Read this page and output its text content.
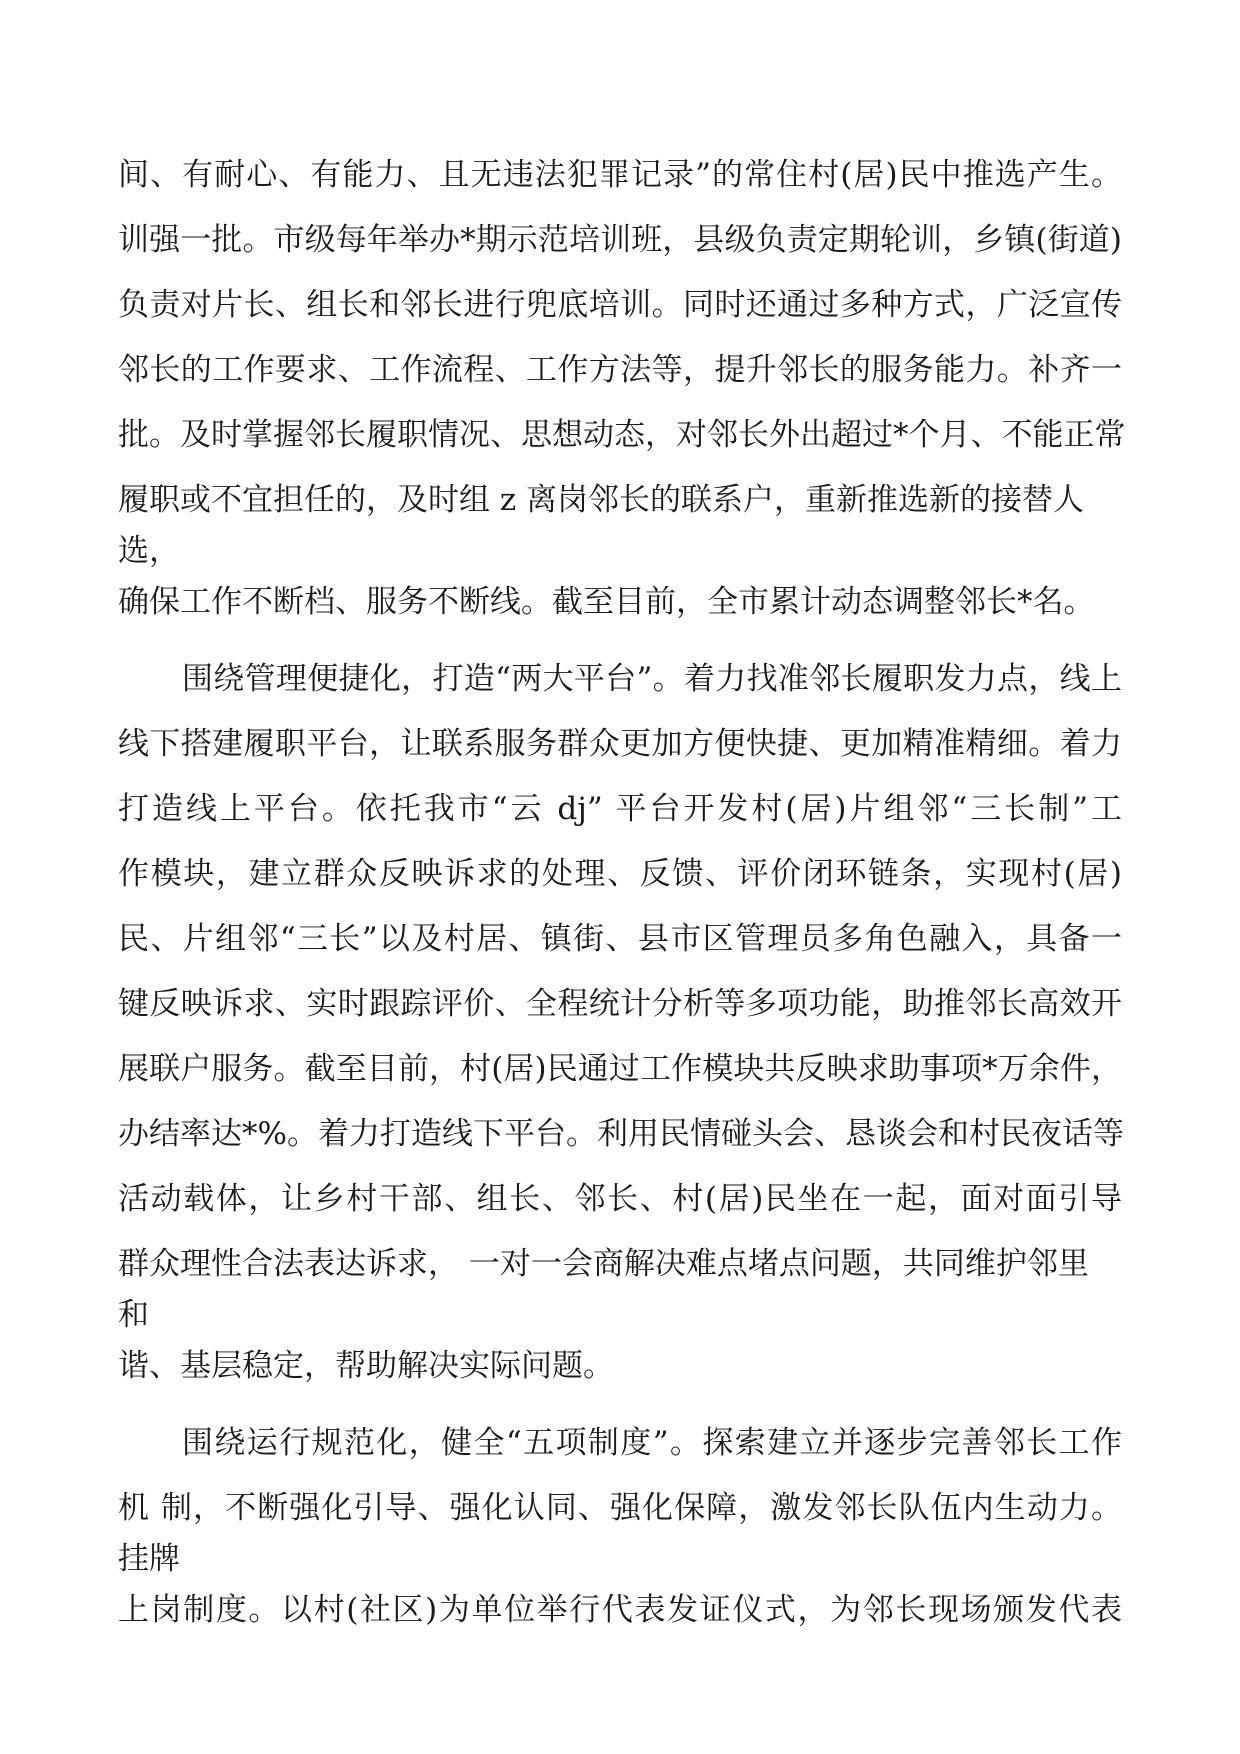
间、有耐心、有能力、且无违法犯罪记录”的常住村(居)民中推选产生。
训强一批。市级每年举办*期示范培训班，县级负责定期轮训，乡镇(街道)
负责对片长、组长和邻长进行兜底培训。同时还通过多种方式，广泛宣传
邻长的工作要求、工作流程、工作方法等，提升邻长的服务能力。补齐一
批。及时掌握邻长履职情况、思想动态，对邻长外出超过*个月、不能正常
履职或不宜担任的，及时组 z 离岗邻长的联系户，重新推选新的接替人
选，
确保工作不断档、服务不断线。截至目前，全市累计动态调整邻长*名。
围绕管理便捷化，打造“两大平台”。着力找准邻长履职发力点，线上
线下搭建履职平台，让联系服务群众更加方便快捷、更加精准精细。着力
打造线上平台。依托我市“云 dj” 平台开发村(居)片组邻“三长制”工
作模块，建立群众反映诉求的处理、反馈、评价闭环链条，实现村(居)
民、片组邻“三长”以及村居、镇街、县市区管理员多角色融入，具备一
键反映诉求、实时跟踪评价、全程统计分析等多项功能，助推邻长高效开
展联户服务。截至目前，村(居)民通过工作模块共反映求助事项*万余件，
办结率达*%。着力打造线下平台。利用民情碰头会、恳谈会和村民夜话等
活动载体，让乡村干部、组长、邻长、村(居)民坐在一起，面对面引导
群众理性合法表达诉求， 一对一会商解决难点堵点问题，共同维护邻里
和
谐、基层稳定，帮助解决实际问题。
围绕运行规范化，健全“五项制度”。探索建立并逐步完善邻长工作
机 制，不断强化引导、强化认同、强化保障，激发邻长队伍内生动力。
挂牌
上岗制度。以村(社区)为单位举行代表发证仪式，为邻长现场颁发代表
